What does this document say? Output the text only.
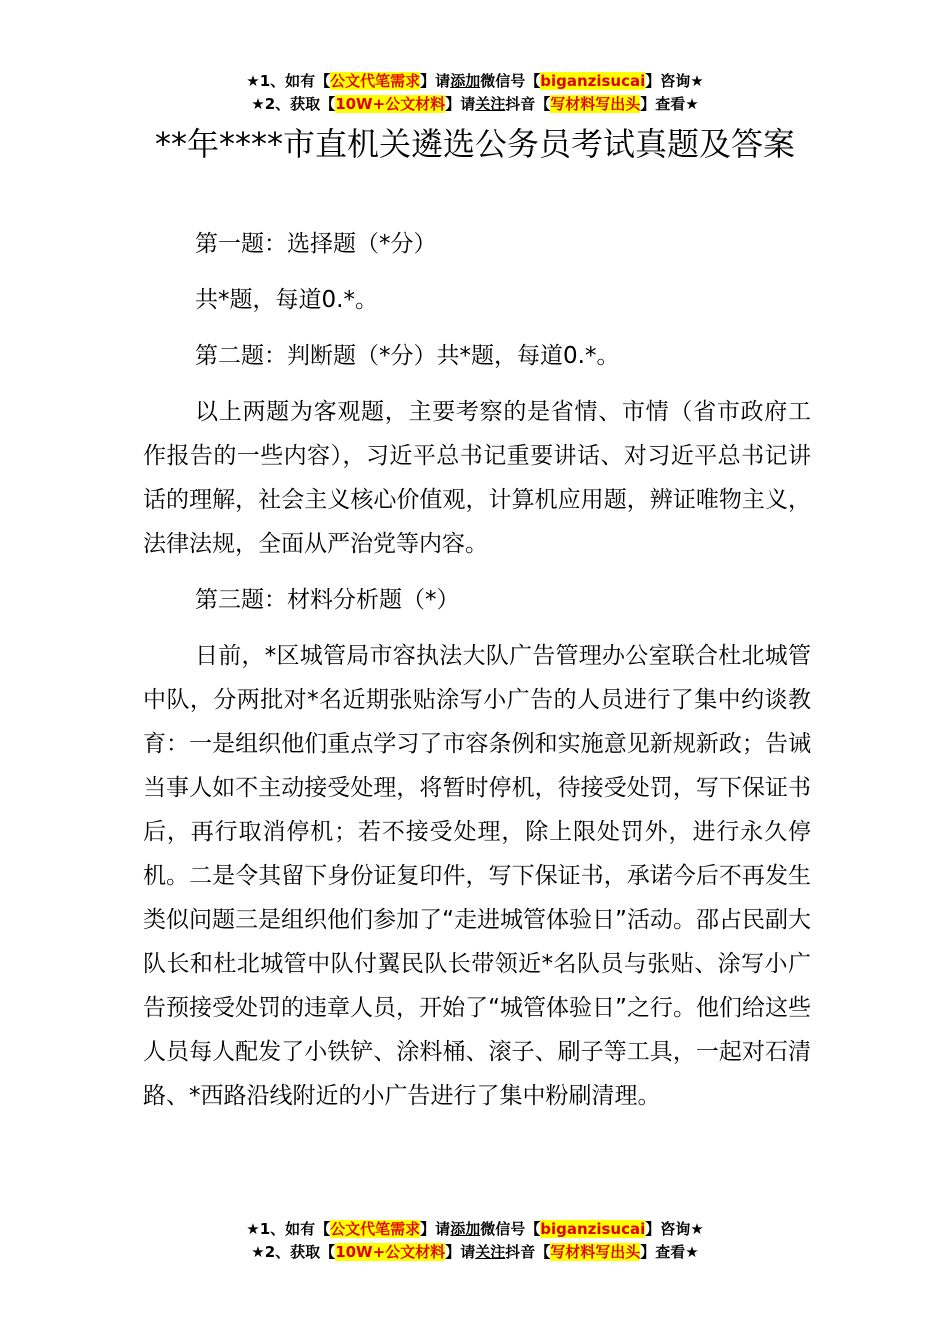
★1、如有【公文代笔需求】请添加微信号【biganzisucai】咨询★
★2、获取【10W+公文材料】请关注抖音【写材料写出头】查看★
**年****市直机关遴选公务员考试真题及答案

第一题：选择题（*分）

共*题，每道0.*。

第二题：判断题（*分）共*题，每道0.*。

以上两题为客观题，主要考察的是省情、市情（省市政府工作报告的一些内容），习近平总书记重要讲话、对习近平总书记讲话的理解，社会主义核心价值观，计算机应用题，辨证唯物主义，法律法规，全面从严治党等内容。

第三题：材料分析题（*）

日前，*区城管局市容执法大队广告管理办公室联合杜北城管中队，分两批对*名近期张贴涂写小广告的人员进行了集中约谈教育：一是组织他们重点学习了市容条例和实施意见新规新政；告诫当事人如不主动接受处理，将暂时停机，待接受处罚，写下保证书后，再行取消停机；若不接受处理，除上限处罚外，进行永久停机。二是令其留下身份证复印件，写下保证书，承诺今后不再发生类似问题三是组织他们参加了“走进城管体验日”活动。邵占民副大队长和杜北城管中队付翼民队长带领近*名队员与张贴、涂写小广告预接受处罚的违章人员，开始了“城管体验日”之行。他们给这些人员每人配发了小铁铲、涂料桶、滚子、刷子等工具，一起对石清路、*西路沿线附近的小广告进行了集中粉刷清理。

★1、如有【公文代笔需求】请添加微信号【biganzisucai】咨询★
★2、获取【10W+公文材料】请关注抖音【写材料写出头】查看★
